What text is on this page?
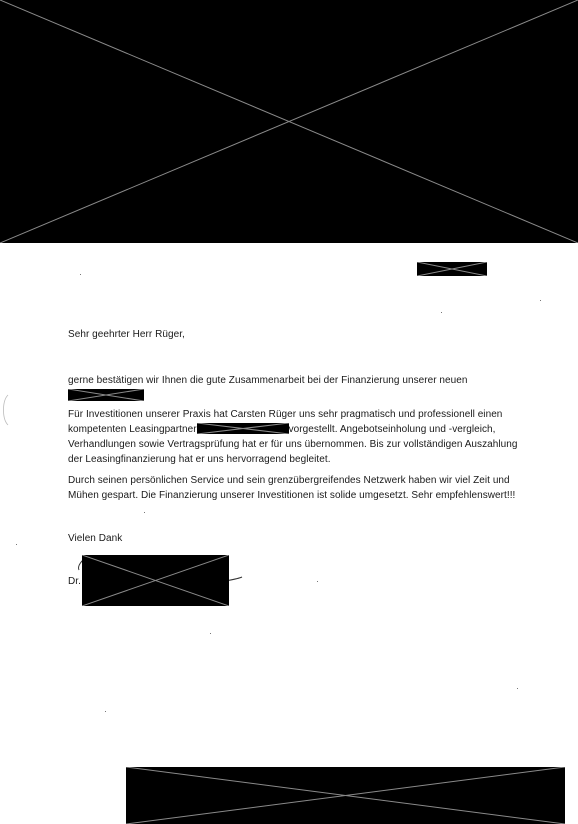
Sehr geehrter Herr Rüger,
gerne bestätigen wir Ihnen die gute Zusammenarbeit bei der Finanzierung unserer neuen
Für Investitionen unserer Praxis hat Carsten Rüger uns sehr pragmatisch und professionell einen
kompetenten Leasingpartner	vorgestellt. Angebotseinholung und -vergleich,
Verhandlungen sowie Vertragsprüfung hat er für uns übernommen. Bis zur vollständigen Auszahlung
der Leasingfinanzierung hat er uns hervorragend begleitet.
Durch seinen persönlichen Service und sein grenzübergreifendes Netzwerk haben wir viel Zeit und
Mühen gespart. Die Finanzierung unserer Investitionen ist solide umgesetzt. Sehr empfehlenswert!!!
Vielen Dank
Dr.
